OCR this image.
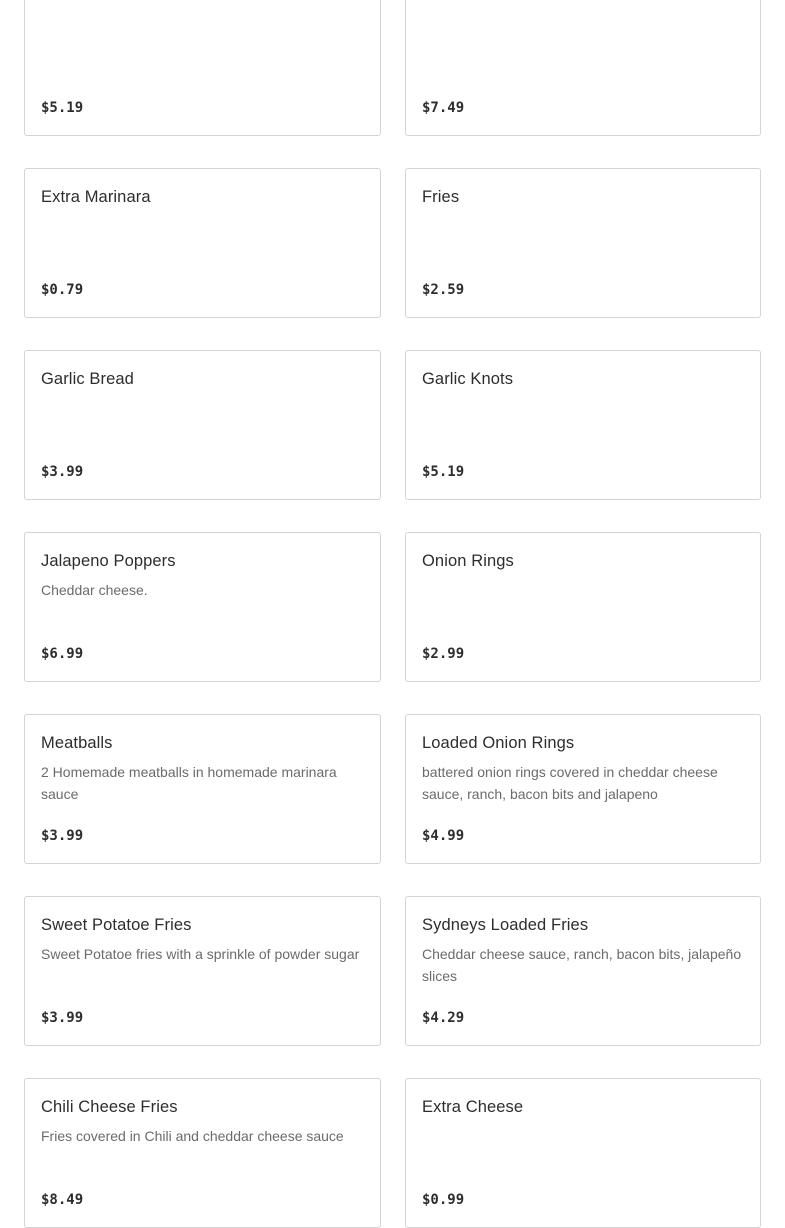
$5.19	$7.49
Extra Marinara
$0.79
Fries
$2.59
Garlic Bread
$3.99
Garlic Knots
$5.19
Jalapeno Poppers
Cheddar cheese.
$6.99
Onion Rings
$2.99
Meatballs
2 Homemade meatballs in homemade marinara sauce
$3.99
Loaded Onion Rings
battered onion rings covered in cheddar cheese sauce, ranch, bacon bits and jalapeno
$4.99
Sweet Potatoe Fries
Sweet Potatoe fries with a sprinkle of powder sugar
$3.99
Sydneys Loaded Fries
Cheddar cheese sauce, ranch, bacon bits, jalapeño slices
$4.29
Chili Cheese Fries
Fries covered in Chili and cheddar cheese sauce
$8.49
Extra Cheese
$0.99
